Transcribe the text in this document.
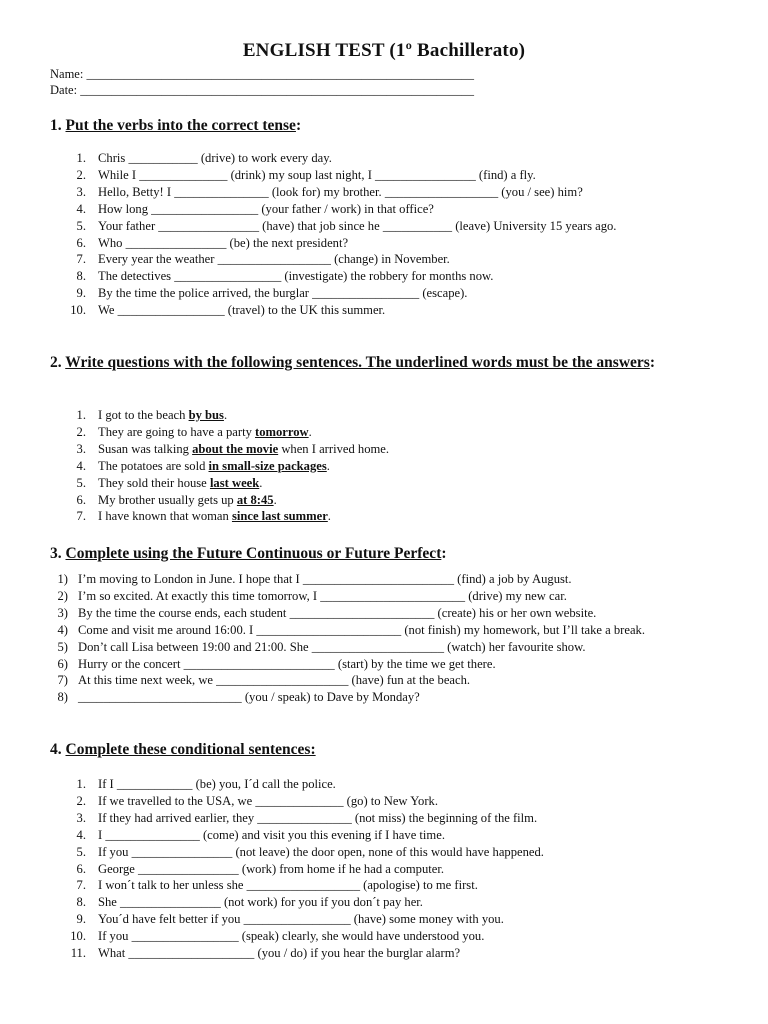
ENGLISH TEST (1º Bachillerato)
Name: ______________________________________________________________
Date: _______________________________________________________________
1. Put the verbs into the correct tense:
1. Chris ___________ (drive) to work every day.
2. While I ______________ (drink) my soup last night, I ________________ (find) a fly.
3. Hello, Betty! I _______________ (look for) my brother. __________________ (you / see) him?
4. How long _________________ (your father / work) in that office?
5. Your father ________________ (have) that job since he ___________ (leave) University 15 years ago.
6. Who ________________ (be) the next president?
7. Every year the weather __________________ (change) in November.
8. The detectives _________________ (investigate) the robbery for months now.
9. By the time the police arrived, the burglar _________________ (escape).
10. We _________________ (travel) to the UK this summer.
2. Write questions with the following sentences. The underlined words must be the answers:
1. I got to the beach by bus.
2. They are going to have a party tomorrow.
3. Susan was talking about the movie when I arrived home.
4. The potatoes are sold in small-size packages.
5. They sold their house last week.
6. My brother usually gets up at 8:45.
7. I have known that woman since last summer.
3. Complete using the Future Continuous or Future Perfect:
1) I’m moving to London in June. I hope that I ________________________ (find) a job by August.
2) I’m so excited. At exactly this time tomorrow, I _______________________ (drive) my new car.
3) By the time the course ends, each student _______________________ (create) his or her own website.
4) Come and visit me around 16:00. I _______________________ (not finish) my homework, but I’ll take a break.
5) Don’t call Lisa between 19:00 and 21:00. She _____________________ (watch) her favourite show.
6) Hurry or the concert ________________________ (start) by the time we get there.
7) At this time next week, we _____________________ (have) fun at the beach.
8) __________________________ (you / speak) to Dave by Monday?
4. Complete these conditional sentences:
1. If I ____________ (be) you, I´d call the police.
2. If we travelled to the USA, we ______________ (go) to New York.
3. If they had arrived earlier, they _______________ (not miss) the beginning of the film.
4. I _______________ (come) and visit you this evening if I have time.
5. If you ________________ (not leave) the door open, none of this would have happened.
6. George ________________ (work) from home if he had a computer.
7. I won´t talk to her unless she __________________ (apologise) to me first.
8. She ________________ (not work) for you if you don´t pay her.
9. You´d have felt better if you _________________ (have) some money with you.
10. If you _________________ (speak) clearly, she would have understood you.
11. What ____________________ (you / do) if you hear the burglar alarm?
